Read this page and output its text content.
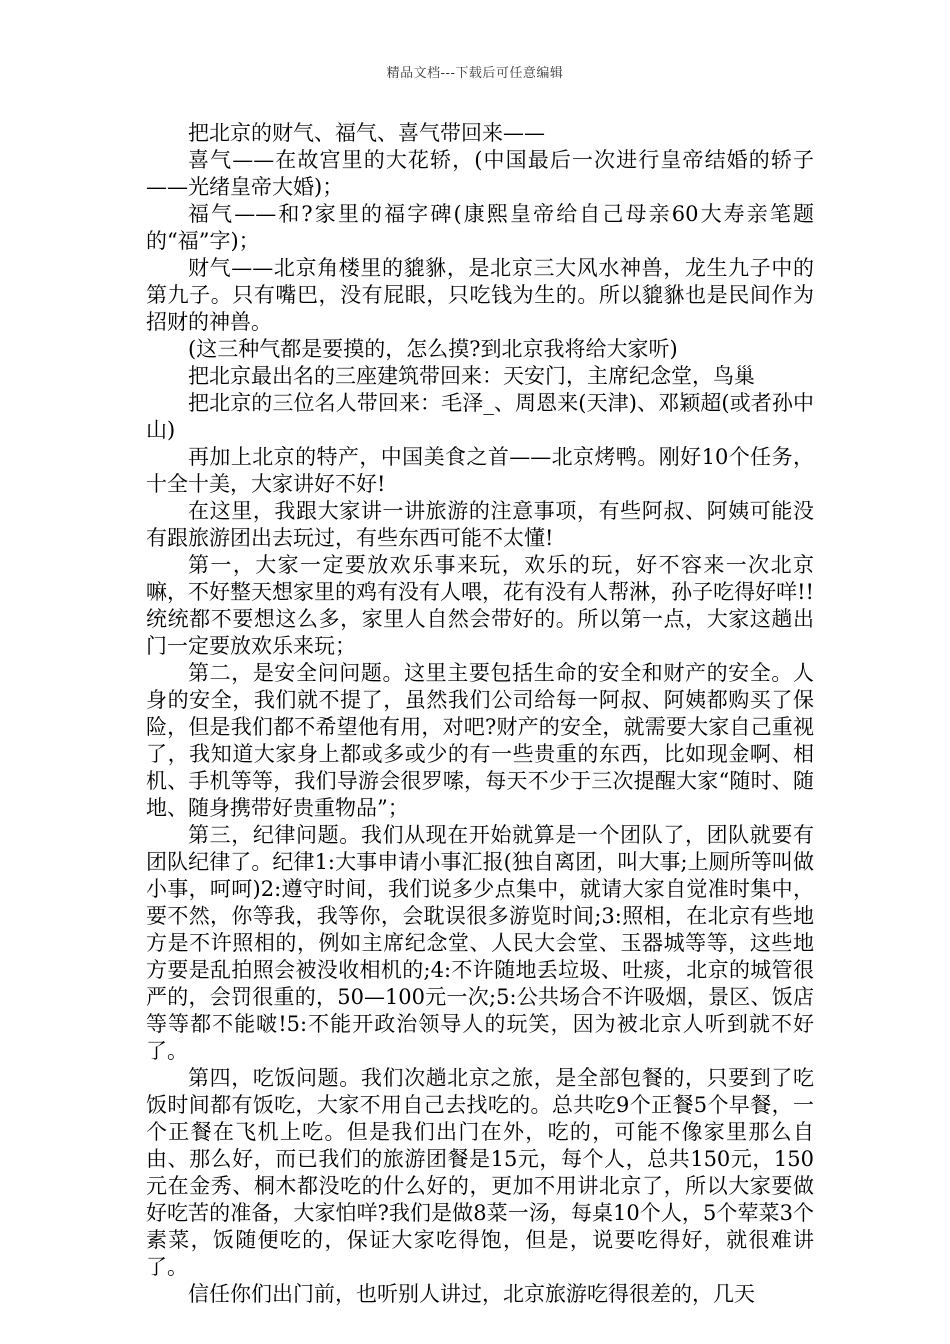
精品文档---下载后可任意编辑

把北京的财气、福气、喜气带回来——

喜气——在故宫里的大花轿，(中国最后一次进行皇帝结婚的轿子——光绪皇帝大婚)；

福气——和?家里的福字碑(康熙皇帝给自己母亲60大寿亲笔题的“福”字)；

财气——北京角楼里的貔貅，是北京三大风水神兽，龙生九子中的第九子。只有嘴巴，没有屁眼，只吃钱为生的。所以貔貅也是民间作为招财的神兽。

(这三种气都是要摸的，怎么摸?到北京我将给大家听)

把北京最出名的三座建筑带回来：天安门，主席纪念堂，鸟巢

把北京的三位名人带回来：毛泽_、周恩来(天津)、邓颖超(或者孙中山)

再加上北京的特产，中国美食之首——北京烤鸭。刚好10个任务，十全十美，大家讲好不好!

在这里，我跟大家讲一讲旅游的注意事项，有些阿叔、阿姨可能没有跟旅游团出去玩过，有些东西可能不太懂!

第一，大家一定要放欢乐事来玩，欢乐的玩，好不容来一次北京嘛，不好整天想家里的鸡有没有人喂，花有没有人帮淋，孙子吃得好咩!!统统都不要想这么多，家里人自然会带好的。所以第一点，大家这趟出门一定要放欢乐来玩；

第二，是安全问问题。这里主要包括生命的安全和财产的安全。人身的安全，我们就不提了，虽然我们公司给每一阿叔、阿姨都购买了保险，但是我们都不希望他有用，对吧?财产的安全，就需要大家自己重视了，我知道大家身上都或多或少的有一些贵重的东西，比如现金啊、相机、手机等等，我们导游会很罗嗦，每天不少于三次提醒大家“随时、随地、随身携带好贵重物品”；

第三，纪律问题。我们从现在开始就算是一个团队了，团队就要有团队纪律了。纪律1:大事申请小事汇报(独自离团，叫大事;上厕所等叫做小事，呵呵)2:遵守时间，我们说多少点集中，就请大家自觉准时集中，要不然，你等我，我等你，会耽误很多游览时间;3:照相，在北京有些地方是不许照相的，例如主席纪念堂、人民大会堂、玉器城等等，这些地方要是乱拍照会被没收相机的;4:不许随地丢垃圾、吐痰，北京的城管很严的，会罚很重的，50—100元一次;5:公共场合不许吸烟，景区、饭店等等都不能啵!5:不能开政治领导人的玩笑，因为被北京人听到就不好了。

第四，吃饭问题。我们次趟北京之旅，是全部包餐的，只要到了吃饭时间都有饭吃，大家不用自己去找吃的。总共吃9个正餐5个早餐，一个正餐在飞机上吃。但是我们出门在外，吃的，可能不像家里那么自由、那么好，而已我们的旅游团餐是15元，每个人，总共150元，150元在金秀、桐木都没吃的什么好的，更加不用讲北京了，所以大家要做好吃苦的准备，大家怕咩?我们是做8菜一汤，每桌10个人，5个荤菜3个素菜，饭随便吃的，保证大家吃得饱，但是，说要吃得好，就很难讲了。

信任你们出门前，也听别人讲过，北京旅游吃得很差的，几天
